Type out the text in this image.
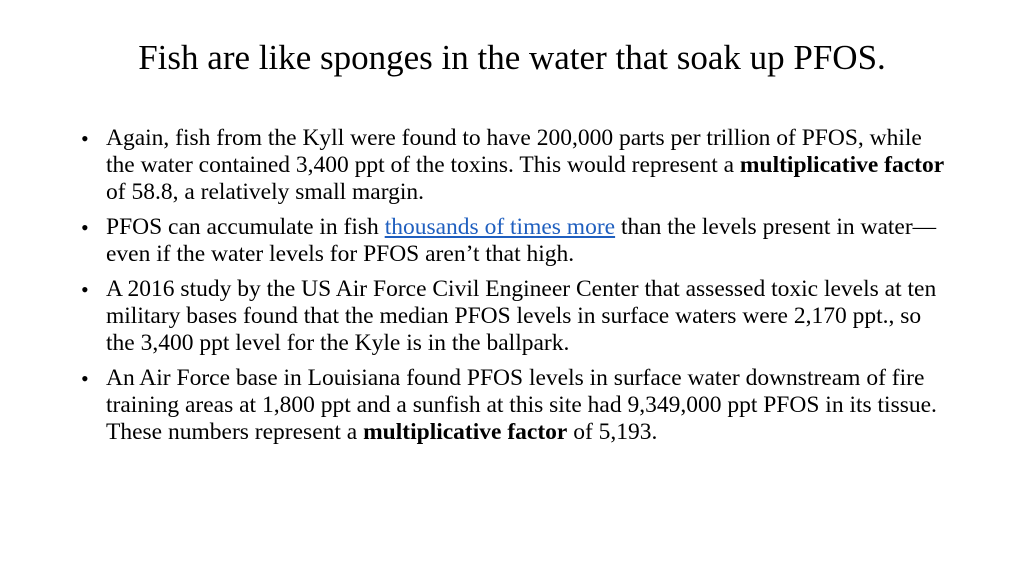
Fish are like sponges in the water that soak up PFOS.
• Again, fish from the Kyll were found to have 200,000 parts per trillion of PFOS, while the water contained 3,400 ppt of the toxins. This would represent a multiplicative factor of 58.8, a relatively small margin.
• PFOS can accumulate in fish thousands of times more than the levels present in water—even if the water levels for PFOS aren’t that high.
• A 2016 study by the US Air Force Civil Engineer Center that assessed toxic levels at ten military bases found that the median PFOS levels in surface waters were 2,170 ppt., so the 3,400 ppt level for the Kyle is in the ballpark.
• An Air Force base in Louisiana found PFOS levels in surface water downstream of fire training areas at 1,800 ppt and a sunfish at this site had 9,349,000 ppt PFOS in its tissue. These numbers represent a multiplicative factor of 5,193.
